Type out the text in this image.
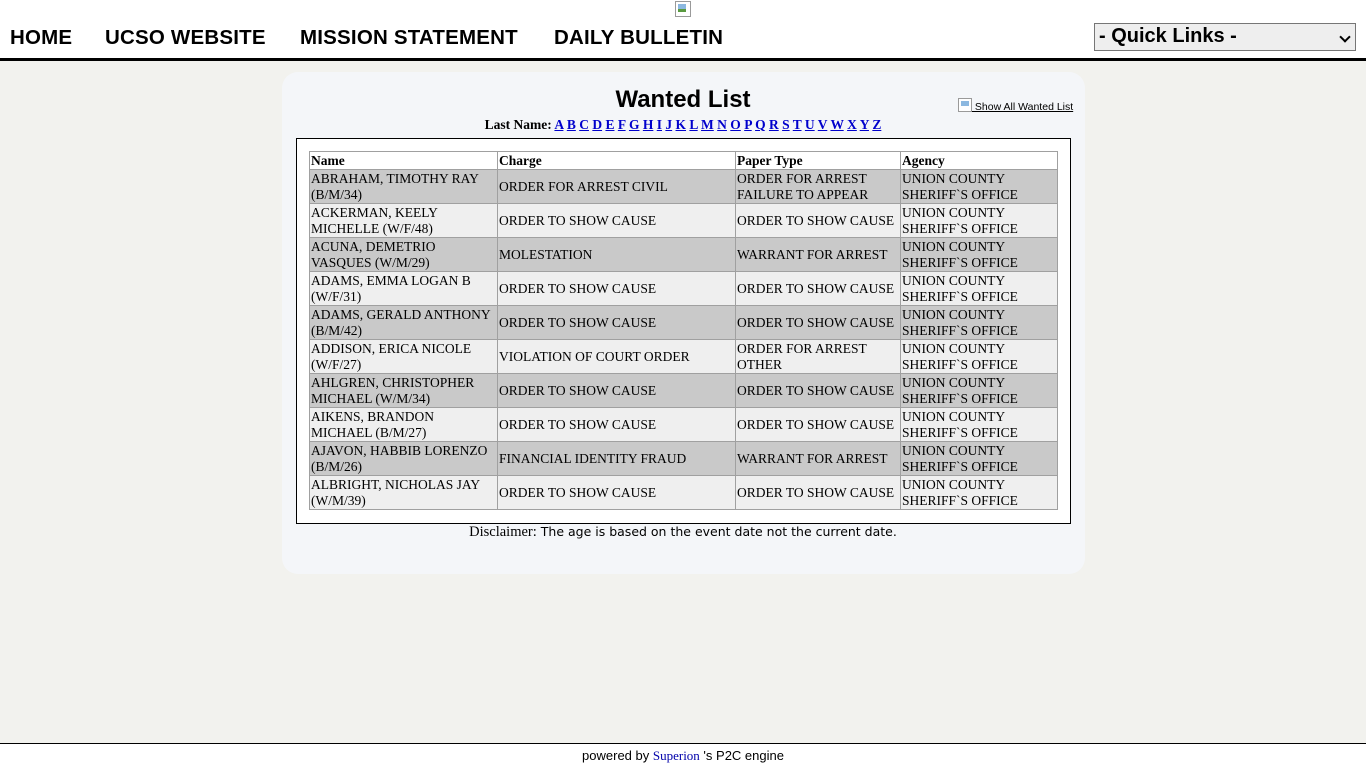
HOME UCSO WEBSITE MISSION STATEMENT DAILY BULLETIN	- Quick Links -
Wanted List
Last Name: A B C D E F G H I J K L M N O P Q R S T U V W X Y Z
Show All Wanted List
Name	Charge	Paper Type	Agency
ABRAHAM, TIMOTHY RAY (B/M/34)	ORDER FOR ARREST CIVIL	ORDER FOR ARREST FAILURE TO APPEAR	UNION COUNTY SHERIFF`S OFFICE
ACKERMAN, KEELY MICHELLE (W/F/48)	ORDER TO SHOW CAUSE	ORDER TO SHOW CAUSE	UNION COUNTY SHERIFF`S OFFICE
ACUNA, DEMETRIO VASQUES (W/M/29)	MOLESTATION	WARRANT FOR ARREST	UNION COUNTY SHERIFF`S OFFICE
ADAMS, EMMA LOGAN B (W/F/31)	ORDER TO SHOW CAUSE	ORDER TO SHOW CAUSE	UNION COUNTY SHERIFF`S OFFICE
ADAMS, GERALD ANTHONY (B/M/42)	ORDER TO SHOW CAUSE	ORDER TO SHOW CAUSE	UNION COUNTY SHERIFF`S OFFICE
ADDISON, ERICA NICOLE (W/F/27)	VIOLATION OF COURT ORDER	ORDER FOR ARREST OTHER	UNION COUNTY SHERIFF`S OFFICE
AHLGREN, CHRISTOPHER MICHAEL (W/M/34)	ORDER TO SHOW CAUSE	ORDER TO SHOW CAUSE	UNION COUNTY SHERIFF`S OFFICE
AIKENS, BRANDON MICHAEL (B/M/27)	ORDER TO SHOW CAUSE	ORDER TO SHOW CAUSE	UNION COUNTY SHERIFF`S OFFICE
AJAVON, HABBIB LORENZO (B/M/26)	FINANCIAL IDENTITY FRAUD	WARRANT FOR ARREST	UNION COUNTY SHERIFF`S OFFICE
ALBRIGHT, NICHOLAS JAY (W/M/39)	ORDER TO SHOW CAUSE	ORDER TO SHOW CAUSE	UNION COUNTY SHERIFF`S OFFICE
Disclaimer: The age is based on the event date not the current date.
powered by Superion 's P2C engine
